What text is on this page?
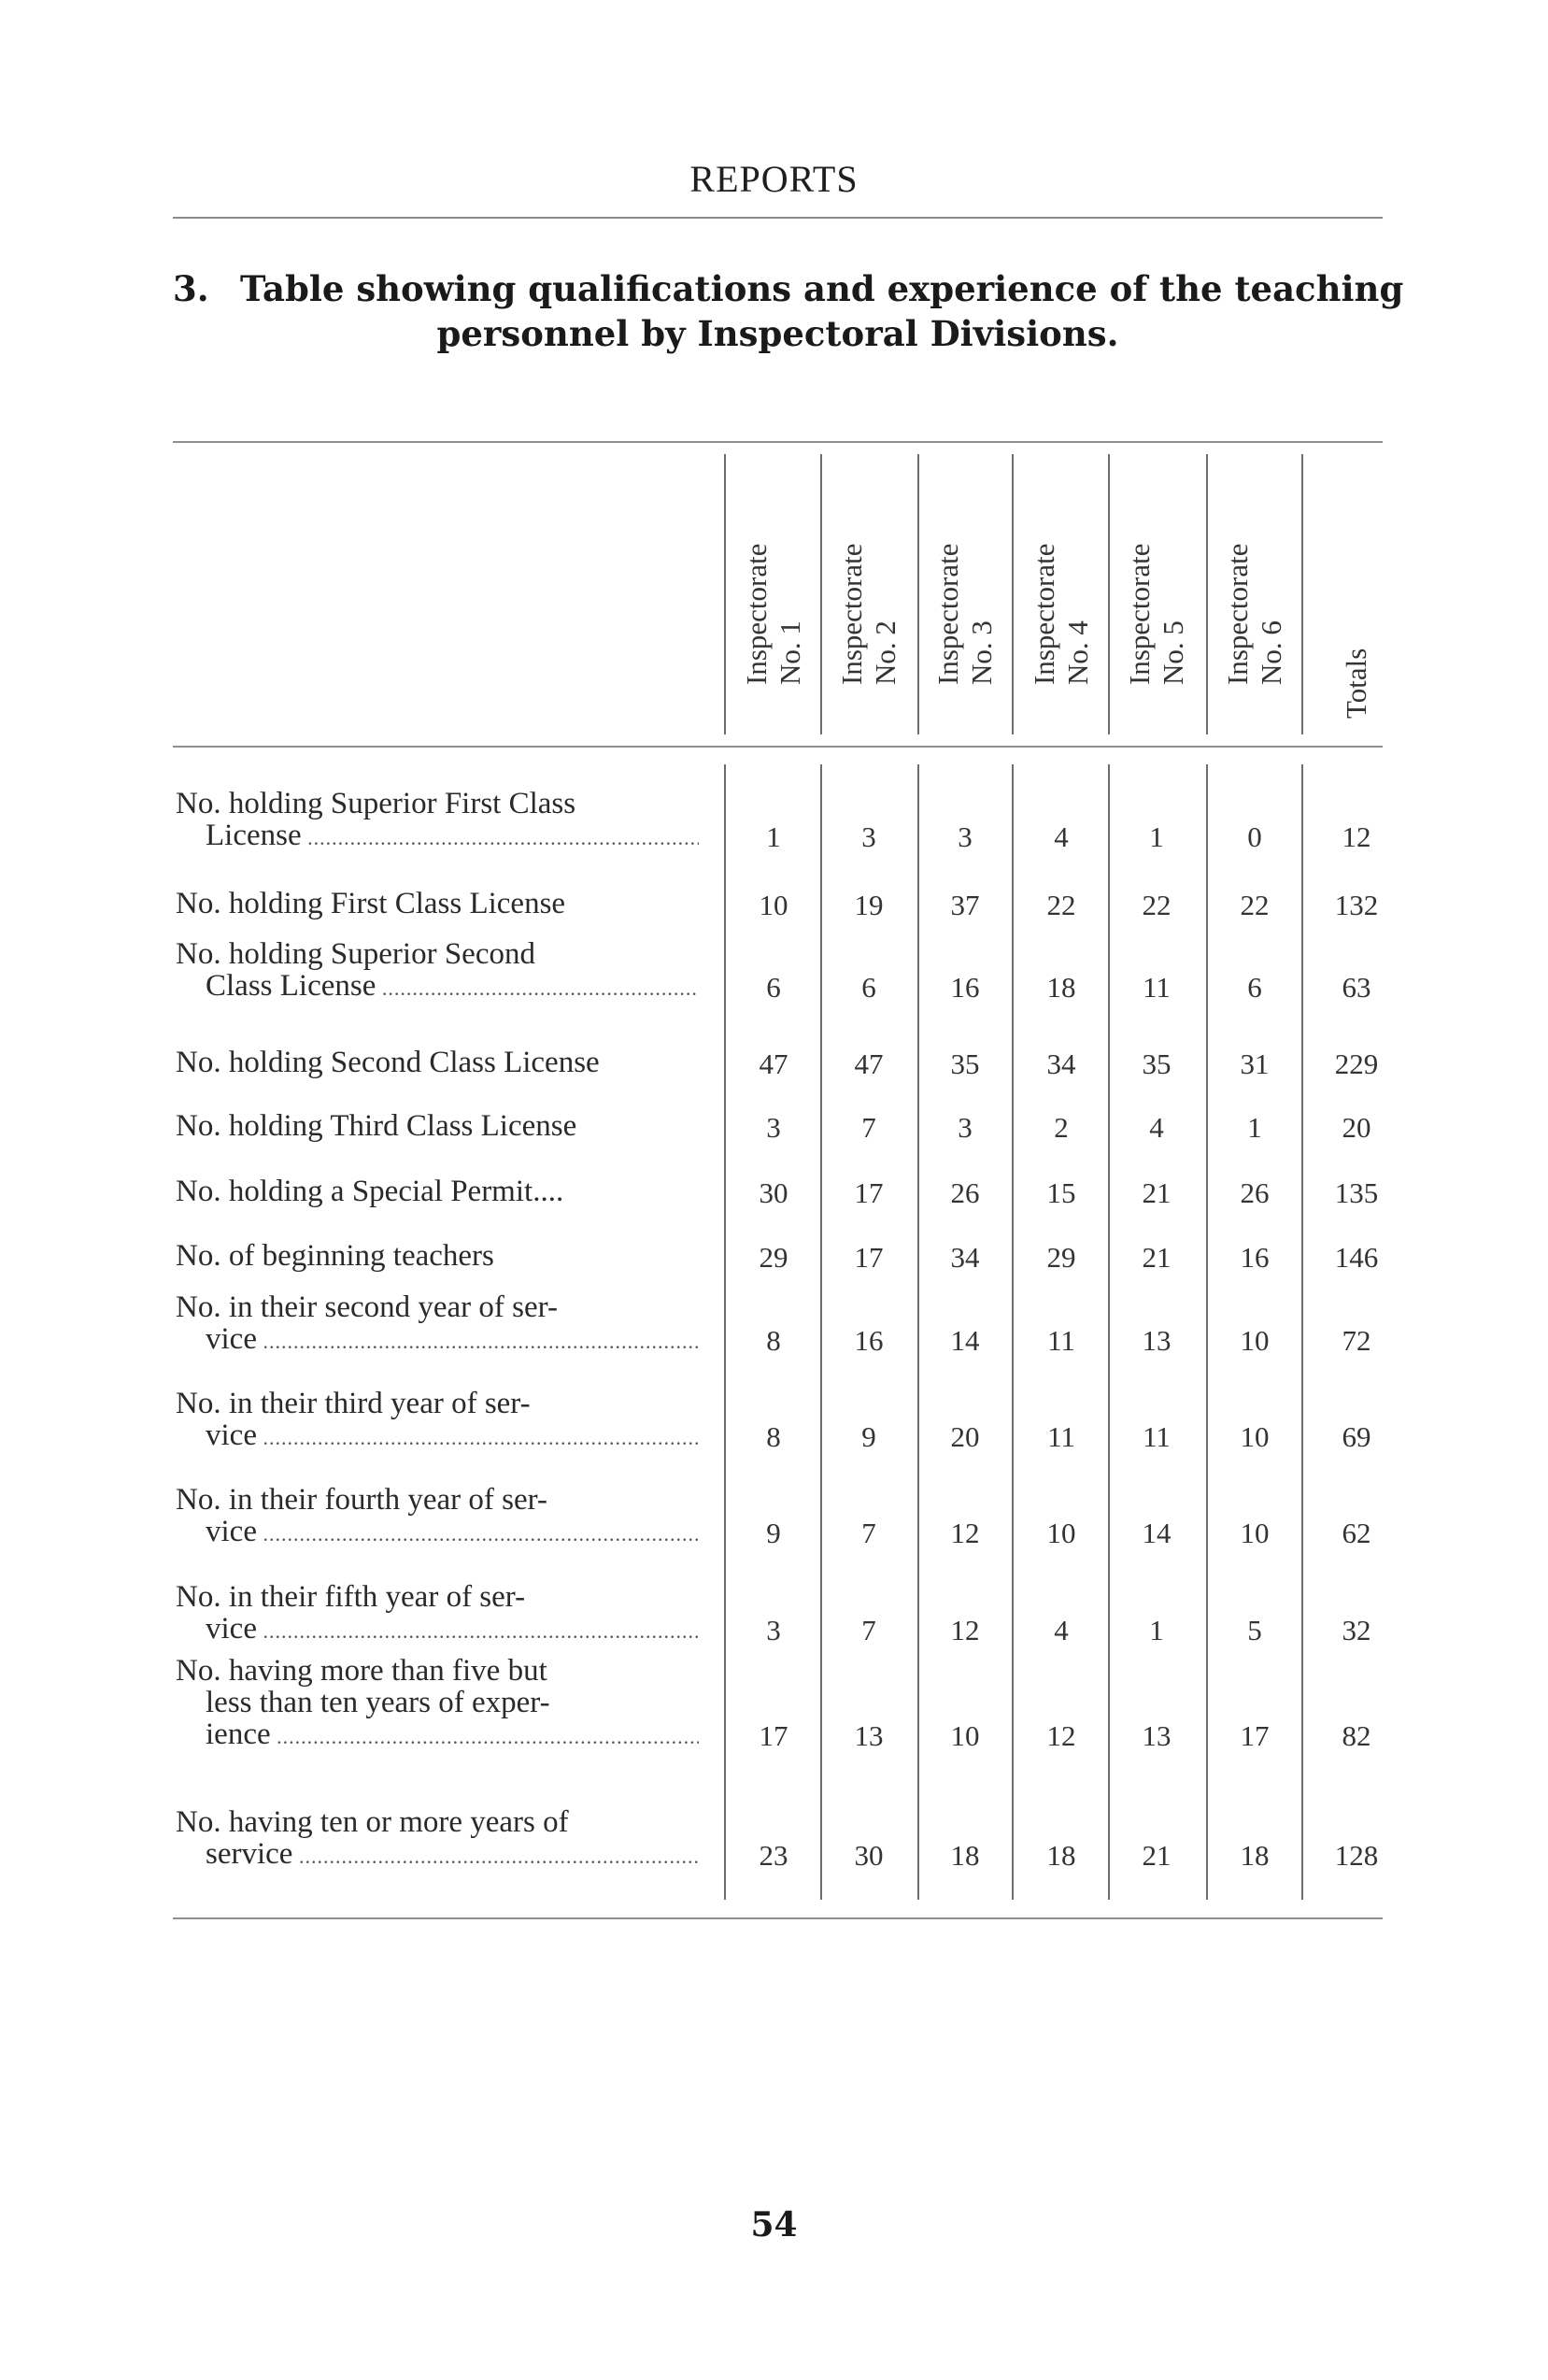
REPORTS
3. Table showing qualifications and experience of the teaching
personnel by Inspectoral Divisions.
Inspectorate No. 1 Inspectorate No. 2 Inspectorate No. 3 Inspectorate No. 4 Inspectorate No. 5 Inspectorate No. 6 Totals
No. holding Superior First Class
License .....	1	3	3	4	1	0	12
No. holding First Class License	10	19	37	22	22	22	132
No. holding Superior Second
Class License .....	6	6	16	18	11	6	63
No. holding Second Class License	47	47	35	34	35	31	229
No. holding Third Class License	3	7	3	2	4	1	20
No. holding a Special Permit....	30	17	26	15	21	26	135
No. of beginning teachers	29	17	34	29	21	16	146
No. in their second year of ser-
vice .....	8	16	14	11	13	10	72
No. in their third year of ser-
vice .....	8	9	20	11	11	10	69
No. in their fourth year of ser-
vice .....	9	7	12	10	14	10	62
No. in their fifth year of ser-
vice .....	3	7	12	4	1	5	32
No. having more than five but
less than ten years of exper-
ience .....	17	13	10	12	13	17	82
No. having ten or more years of
service .....	23	30	18	18	21	18	128
54
